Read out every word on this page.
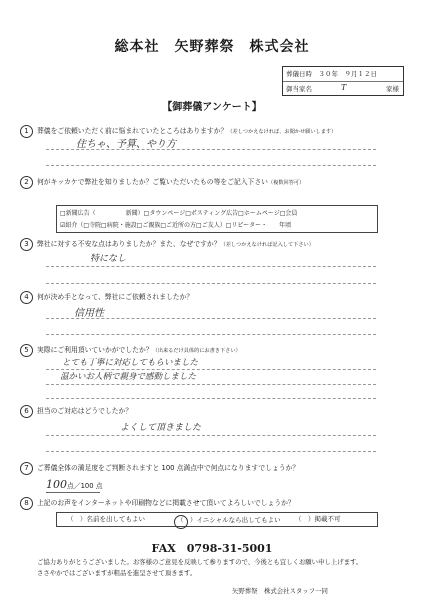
総本社　矢野葬祭　株式会社
葬儀日時　３０年　９月１２日
御当家名	T	家様
【御葬儀アンケート】
1	葬儀をご依頼いただく前に悩まれていたところはありますか？（差しつかえなければ、お聞かせ願いします）
住ちゃ、予算、やり方
2	何がキッカケで弊社を知りましたか？ご覧いただいたもの等をご記入下さい（複数回答可）
□新聞広告（　　　　　新聞）□タウンページ□ポスティング広告□ホームページ□会員
☑紹介（□寺院□病院・施設□ご親族□ご近所の方□ご友人）□リピーター・　　年頃
3	弊社に対する不安な点はありましたか？また、なぜですか？（差しつかえなければ記入して下さい）
特になし
4	何が決め手となって、弊社にご依頼されましたか？
信用性
5	実際にご利用頂いていかがでしたか？（出来るだけ具体的にお書き下さい）
とても丁寧に対応してもらいました
温かいお人柄で親身で感動しました
6	担当のご対応はどうでしたか？
よくして頂きました
7	ご葬儀全体の満足度をご判断されますと 100 点満点中で何点になりますでしょうか？
100点／100 点
8	上記のお声をインターネットや印刷物などに掲載させて頂いてよろしいでしょうか？
（　）名前を出してもよい	（　）イニシャルなら出してもよい （　）掲載不可
FAX　0798-31-5001
ご協力ありがとうございました。お客様のご意見を反映して参りますので、今後とも宜しくお願い申し上げます。
ささやかではございますが粗品を進呈させて頂きます。
矢野葬祭　株式会社スタッフ一同
